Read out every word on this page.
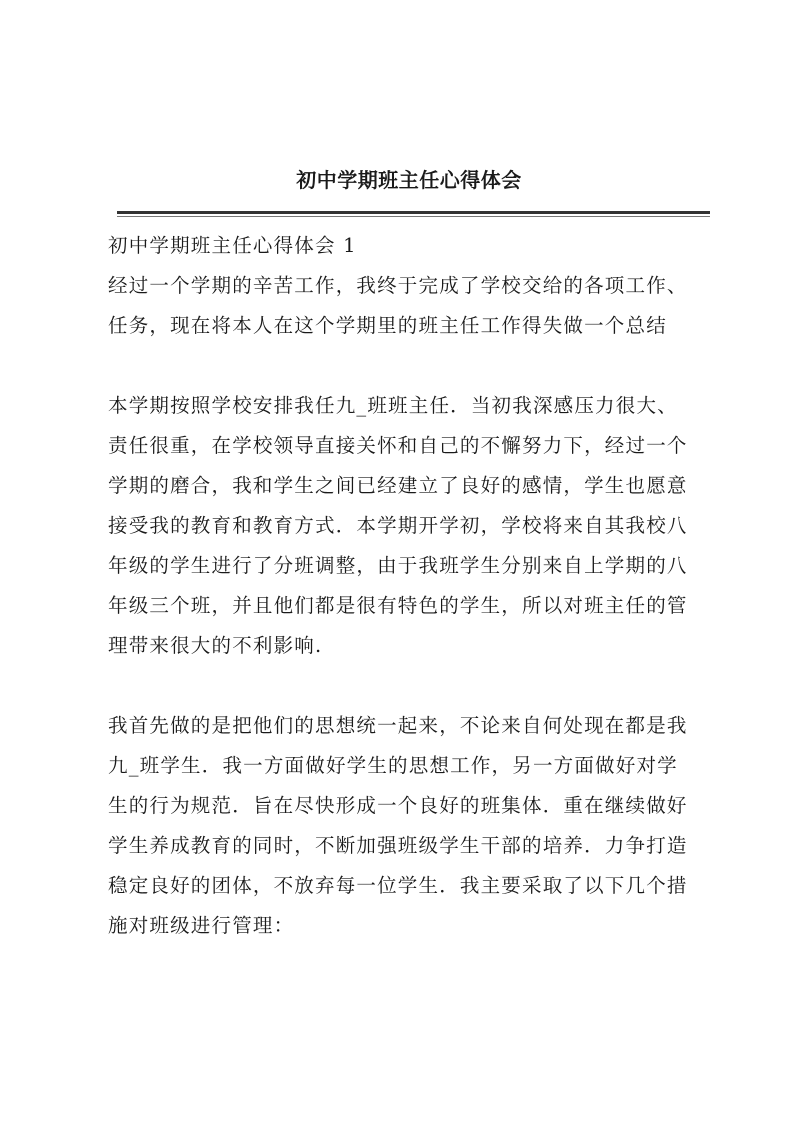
初中学期班主任心得体会

初中学期班主任心得体会 1

经过一个学期的辛苦工作，我终于完成了学校交给的各项工作、

任务，现在将本人在这个学期里的班主任工作得失做一个总结

本学期按照学校安排我任九_班班主任．当初我深感压力很大、

责任很重，在学校领导直接关怀和自己的不懈努力下，经过一个

学期的磨合，我和学生之间已经建立了良好的感情，学生也愿意

接受我的教育和教育方式．本学期开学初，学校将来自其我校八

年级的学生进行了分班调整，由于我班学生分别来自上学期的八

年级三个班，并且他们都是很有特色的学生，所以对班主任的管

理带来很大的不利影响.

我首先做的是把他们的思想统一起来，不论来自何处现在都是我

九_班学生．我一方面做好学生的思想工作，另一方面做好对学

生的行为规范．旨在尽快形成一个良好的班集体．重在继续做好

学生养成教育的同时，不断加强班级学生干部的培养．力争打造

稳定良好的团体，不放弃每一位学生．我主要采取了以下几个措

施对班级进行管理：
